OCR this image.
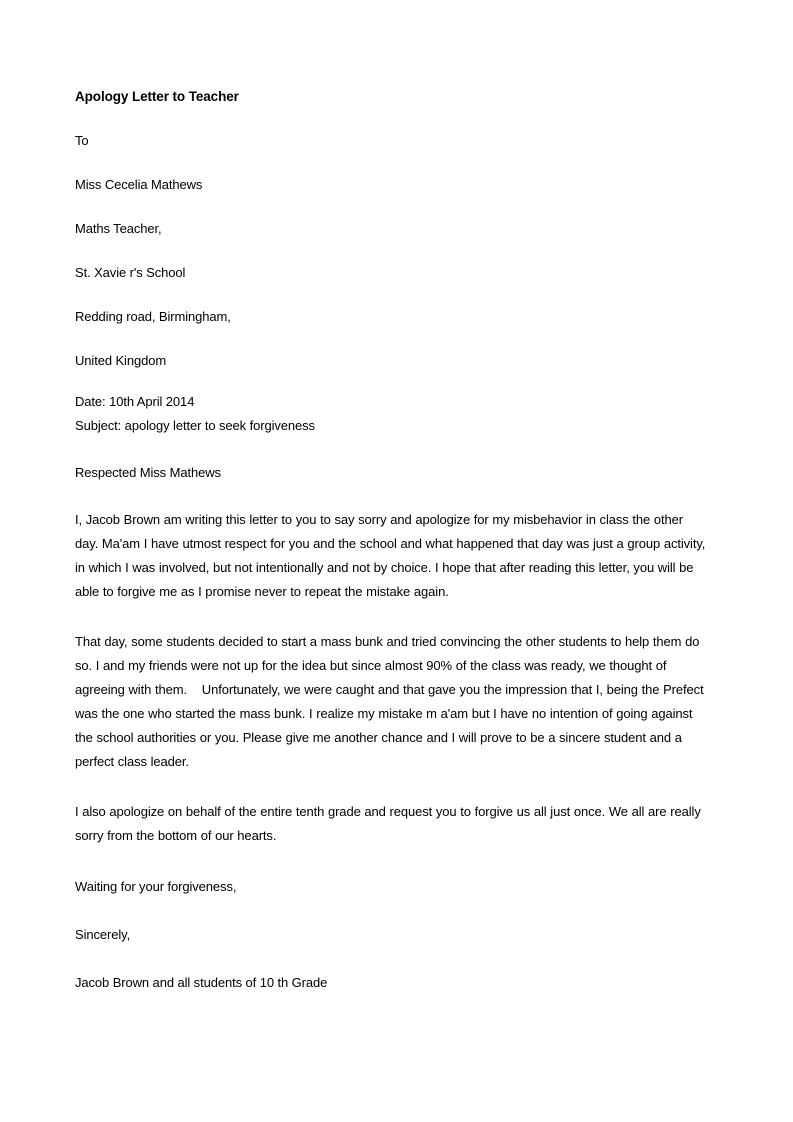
Apology Letter to Teacher

To

Miss Cecelia Mathews

Maths Teacher,

St. Xavie r's School

Redding road, Birmingham,

United Kingdom

Date: 10th April 2014

Subject: apology letter to seek forgiveness

Respected Miss Mathews

I, Jacob Brown am writing this letter to you to say sorry and apologize for my misbehavior in class the other day. Ma'am I have utmost respect for you and the school and what happened that day was just a group activity, in which I was involved, but not intentionally and not by choice. I hope that after reading this letter, you will be able to forgive me as I promise never to repeat the mistake again.

That day, some students decided to start a mass bunk and tried convincing the other students to help them do so. I and my friends were not up for the idea but since almost 90% of the class was ready, we thought of agreeing with them.    Unfortunately, we were caught and that gave you the impression that I, being the Prefect was the one who started the mass bunk. I realize my mistake m a'am but I have no intention of going against the school authorities or you. Please give me another chance and I will prove to be a sincere student and a perfect class leader.

I also apologize on behalf of the entire tenth grade and request you to forgive us all just once. We all are really sorry from the bottom of our hearts.

Waiting for your forgiveness,

Sincerely,

Jacob Brown and all students of 10 th Grade
